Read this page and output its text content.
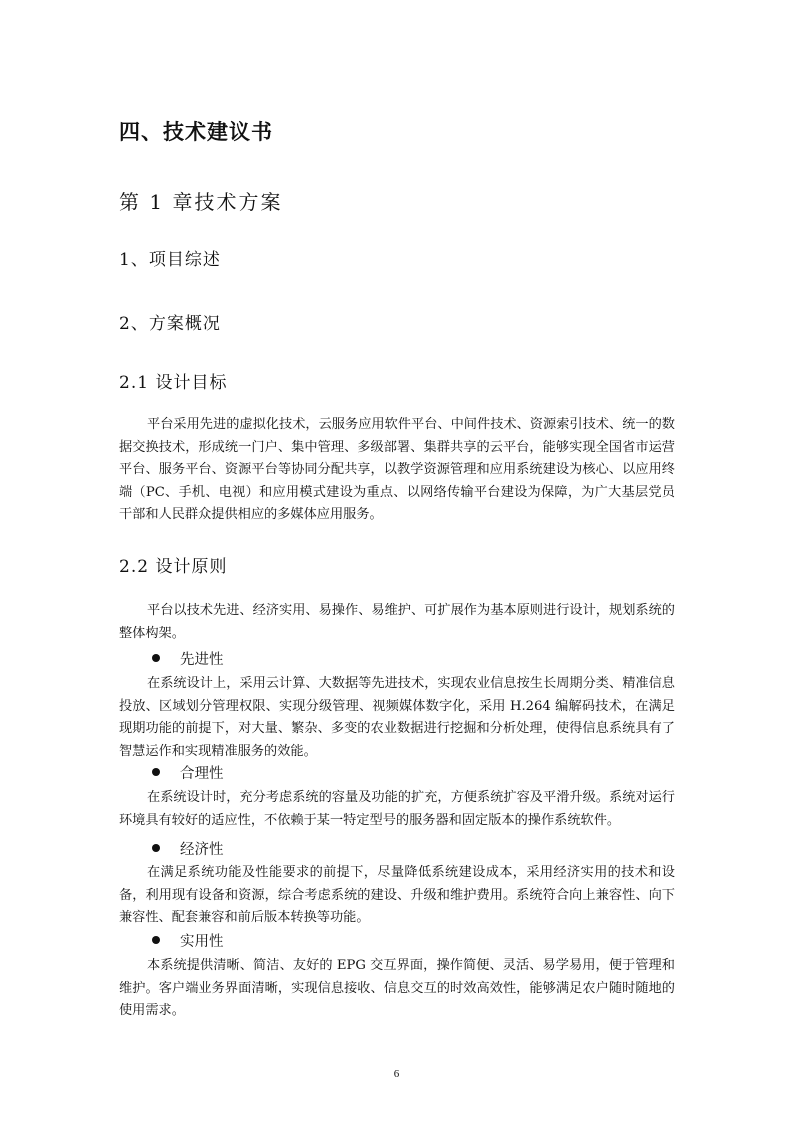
四、技术建议书
第 1 章技术方案
1、项目综述
2、方案概况
2.1 设计目标

平台采用先进的虚拟化技术，云服务应用软件平台、中间件技术、资源索引技术、统一的数据交换技术，形成统一门户、集中管理、多级部署、集群共享的云平台，能够实现全国省市运营平台、服务平台、资源平台等协同分配共享，以教学资源管理和应用系统建设为核心、以应用终端（PC、手机、电视）和应用模式建设为重点、以网络传输平台建设为保障，为广大基层党员干部和人民群众提供相应的多媒体应用服务。

2.2 设计原则

平台以技术先进、经济实用、易操作、易维护、可扩展作为基本原则进行设计，规划系统的整体构架。

先进性

在系统设计上，采用云计算、大数据等先进技术，实现农业信息按生长周期分类、精准信息投放、区域划分管理权限、实现分级管理、视频媒体数字化，采用 H.264 编解码技术，在满足现期功能的前提下，对大量、繁杂、多变的农业数据进行挖掘和分析处理，使得信息系统具有了智慧运作和实现精准服务的效能。

合理性

在系统设计时，充分考虑系统的容量及功能的扩充，方便系统扩容及平滑升级。系统对运行环境具有较好的适应性，不依赖于某一特定型号的服务器和固定版本的操作系统软件。

经济性

在满足系统功能及性能要求的前提下，尽量降低系统建设成本，采用经济实用的技术和设备，利用现有设备和资源，综合考虑系统的建设、升级和维护费用。系统符合向上兼容性、向下兼容性、配套兼容和前后版本转换等功能。

实用性

本系统提供清晰、简洁、友好的 EPG 交互界面，操作简便、灵活、易学易用，便于管理和维护。客户端业务界面清晰，实现信息接收、信息交互的时效高效性，能够满足农户随时随地的使用需求。

6
